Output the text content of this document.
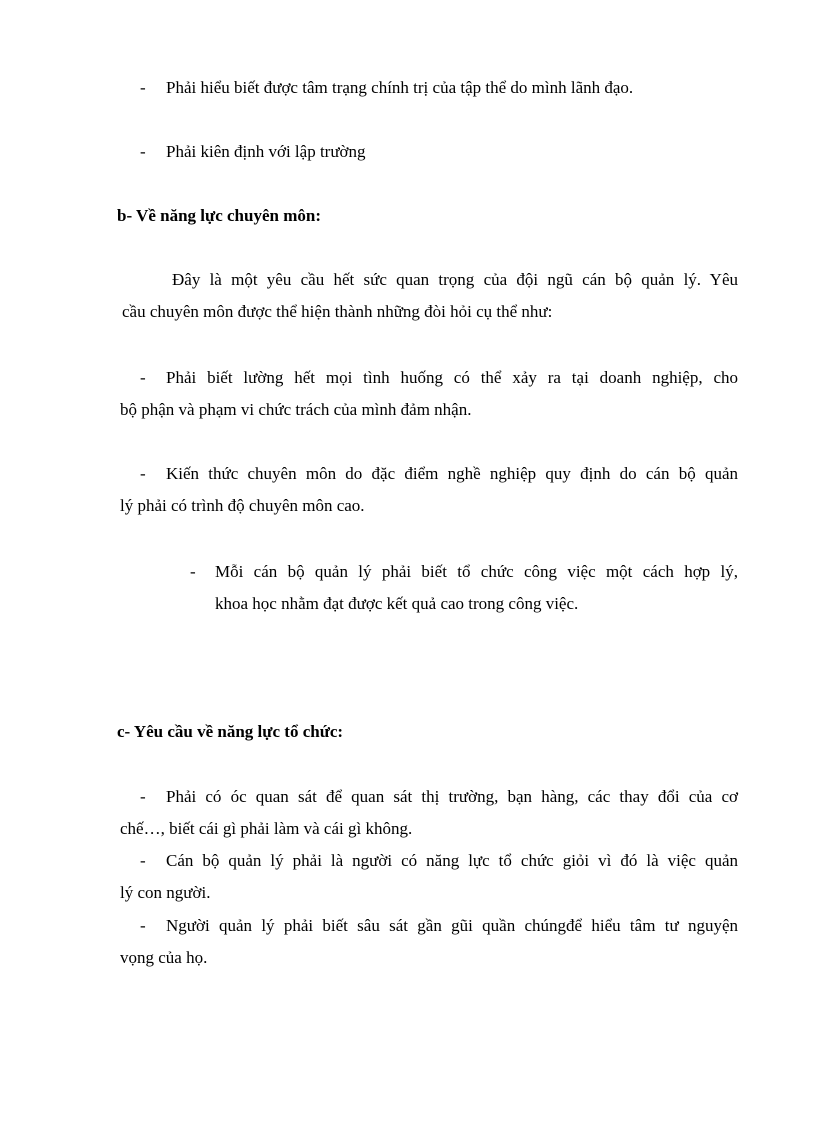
- Phải hiểu biết được tâm trạng chính trị của tập thể do mình lãnh đạo.

- Phải kiên định với lập trường

b- Về năng lực chuyên môn:

Đây là một yêu cầu hết sức quan trọng của đội ngũ cán bộ quản lý. Yêu

cầu chuyên môn được thể hiện thành những đòi hỏi cụ thể như:

- Phải biết lường hết mọi tình huống có thể xảy ra tại doanh nghiệp, cho

bộ phận và phạm vi chức trách của mình đảm nhận.

- Kiến thức chuyên môn do đặc điểm nghề nghiệp quy định do cán bộ quản

lý phải có trình độ chuyên môn cao.

- Mỗi cán bộ quản lý phải biết tổ chức công việc một cách hợp lý,

khoa học nhằm đạt được kết quả cao trong công việc.

c- Yêu cầu về năng lực tổ chức:

- Phải có óc quan sát để quan sát thị trường, bạn hàng, các thay đổi của cơ

chế…, biết cái gì phải làm và cái gì không.

- Cán bộ quản lý phải là người có năng lực tổ chức giỏi vì đó là việc quản

lý con người.

- Người quản lý phải biết sâu sát gần gũi quần chúngđể hiểu tâm tư nguyện

vọng của họ.
